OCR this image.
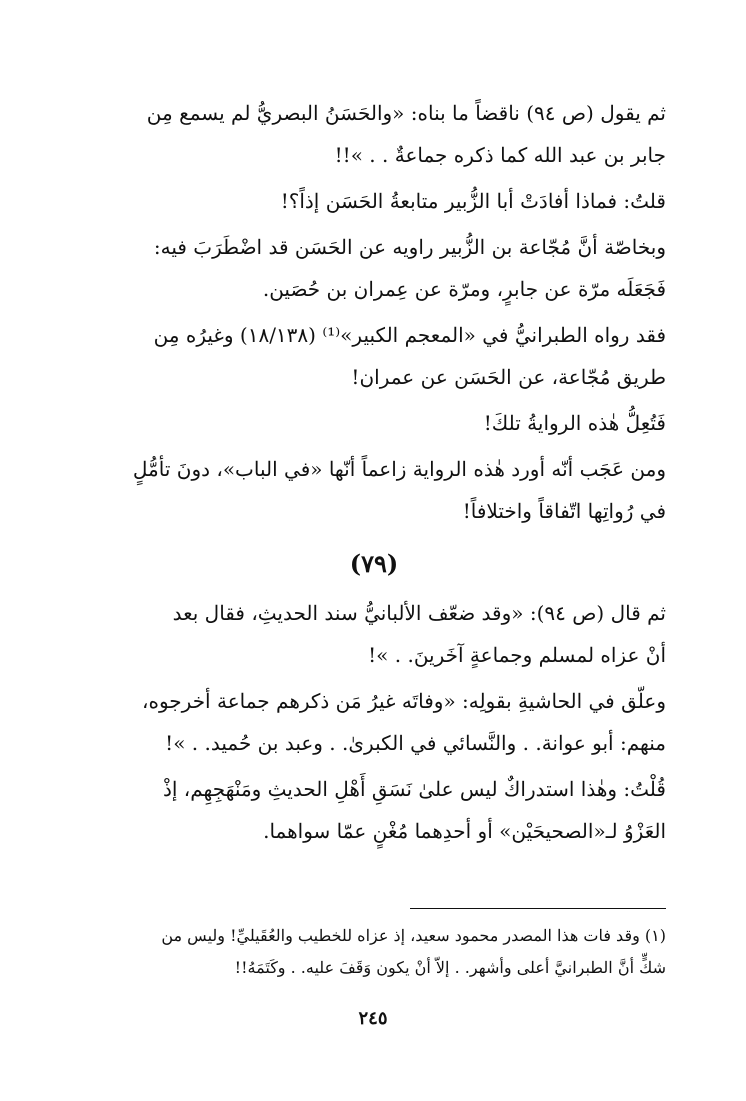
ثم يقول (ص ٩٤) ناقضاً ما بناه: «والحَسَنُ البصريُّ لم يسمع مِن
جابر بن عبد الله كما ذكره جماعةٌ . . »!!
قلتُ: فماذا أفادَتْ أبا الزُّبير متابعةُ الحَسَن إذاً؟!
وبخاصّة أنَّ مُجّاعة بن الزُّبير راويه عن الحَسَن قد اضْطَرَبَ فيه:
فَجَعَلَه مرّة عن جابرٍ، ومرّة عن عِمران بن حُصَين.
فقد رواه الطبرانيُّ في «المعجم الكبير»⁽¹⁾ (١٨/١٣٨) وغيرُه مِن
طريق مُجّاعة، عن الحَسَن عن عمران!
فَتُعِلُّ هٰذه الروايةُ تلكَ!
ومن عَجَب أنّه أورد هٰذه الرواية زاعماً أنّها «في الباب»، دونَ تأمُّلٍ
في رُواتِها اتّفاقاً واختلافاً!
(٧٩)
ثم قال (ص ٩٤): «وقد ضعّف الألبانيُّ سند الحديثِ، فقال بعد
أنْ عزاه لمسلم وجماعةٍ آخَرينَ. . »!
وعلّق في الحاشيةِ بقولِه: «وفاتَه غيرُ مَن ذكرهم جماعة أخرجوه،
منهم: أبو عوانة. . والنَّسائي في الكبرىٰ. . وعبد بن حُميد. . »!
قُلْتُ: وهٰذا استدراكٌ ليس علىٰ نَسَقِ أَهْلِ الحديثِ ومَنْهَجِهِم، إذْ
العَزْوُ لـ«الصحيحَيْن» أو أحدِهما مُغْنٍ عمّا سواهما.
(١) وقد فات هذا المصدر محمود سعيد، إذ عزاه للخطيب والعُقَيليِّ! وليس من
شكٍّ أنَّ الطبرانيَّ أعلى وأشهر. . إلاّ أنْ يكون وَقَفَ عليه. . وكَتَمَهُ!!
٢٤٥
